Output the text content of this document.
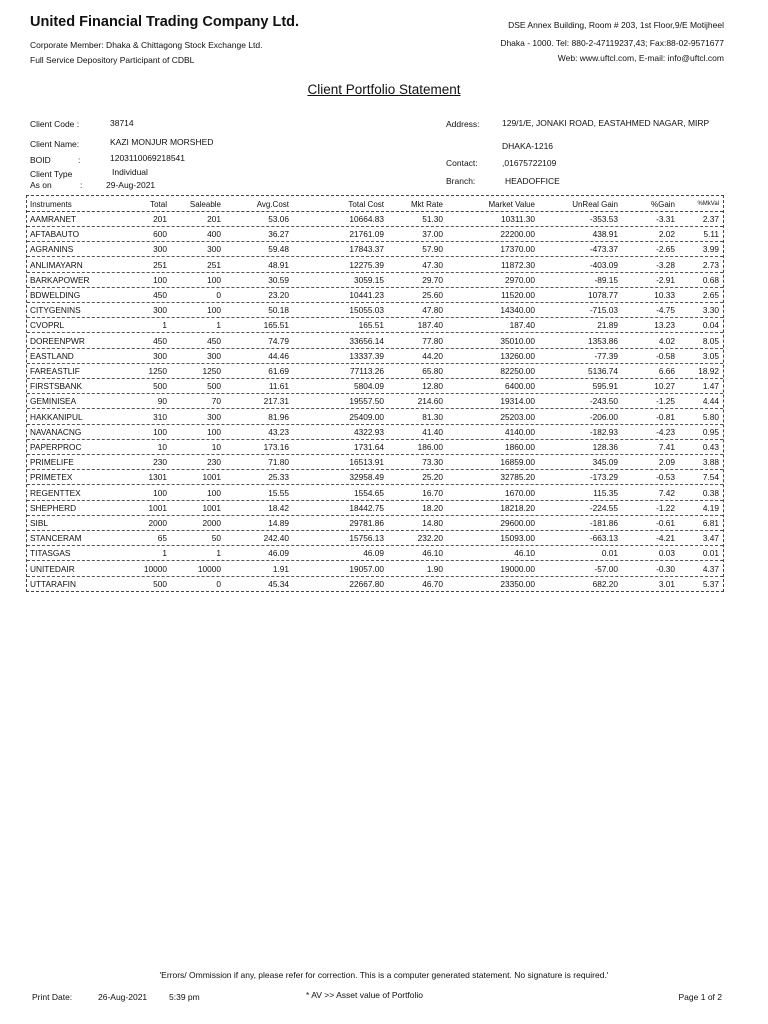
United Financial Trading Company Ltd.
Corporate Member: Dhaka & Chittagong Stock Exchange Ltd.
Full Service Depository Participant of CDBL
DSE Annex Building, Room # 203, 1st Floor,9/E Motijheel
Dhaka - 1000. Tel: 880-2-47119237,43; Fax:88-02-9571677
Web: www.uftcl.com, E-mail: info@uftcl.com
Client Portfolio Statement
Client Code :	38714
Client Name:	KAZI MONJUR MORSHED
BOID	:	1203110069218541
Client Type	Individual
As on	:	29-Aug-2021
Address:	129/1/E, JONAKI ROAD, EASTAHMED NAGAR, MIRP
DHAKA-1216
Contact:	,01675722109
Branch:	HEADOFFICE
Instruments	Total	Saleable	Avg.Cost	Total Cost	Mkt Rate	Market Value	UnReal Gain	%Gain	%MkVal
AAMRANET	201	201	53.06	10664.83	51.30	10311.30	-353.53	-3.31	2.37
AFTABAUTO	600	400	36.27	21761.09	37.00	22200.00	438.91	2.02	5.11
AGRANINS	300	300	59.48	17843.37	57.90	17370.00	-473.37	-2.65	3.99
ANLIMAYARN	251	251	48.91	12275.39	47.30	11872.30	-403.09	-3.28	2.73
BARKAPOWER	100	100	30.59	3059.15	29.70	2970.00	-89.15	-2.91	0.68
BDWELDING	450	0	23.20	10441.23	25.60	11520.00	1078.77	10.33	2.65
CITYGENINS	300	100	50.18	15055.03	47.80	14340.00	-715.03	-4.75	3.30
CVOPRL	1	1	165.51	165.51	187.40	187.40	21.89	13.23	0.04
DOREENPWR	450	450	74.79	33656.14	77.80	35010.00	1353.86	4.02	8.05
EASTLAND	300	300	44.46	13337.39	44.20	13260.00	-77.39	-0.58	3.05
FAREASTLIF	1250	1250	61.69	77113.26	65.80	82250.00	5136.74	6.66	18.92
FIRSTSBANK	500	500	11.61	5804.09	12.80	6400.00	595.91	10.27	1.47
GEMINISEA	90	70	217.31	19557.50	214.60	19314.00	-243.50	-1.25	4.44
HAKKANIPUL	310	300	81.96	25409.00	81.30	25203.00	-206.00	-0.81	5.80
NAVANACNG	100	100	43.23	4322.93	41.40	4140.00	-182.93	-4.23	0.95
PAPERPROC	10	10	173.16	1731.64	186.00	1860.00	128.36	7.41	0.43
PRIMELIFE	230	230	71.80	16513.91	73.30	16859.00	345.09	2.09	3.88
PRIMETEX	1301	1001	25.33	32958.49	25.20	32785.20	-173.29	-0.53	7.54
REGENTTEX	100	100	15.55	1554.65	16.70	1670.00	115.35	7.42	0.38
SHEPHERD	1001	1001	18.42	18442.75	18.20	18218.20	-224.55	-1.22	4.19
SIBL	2000	2000	14.89	29781.86	14.80	29600.00	-181.86	-0.61	6.81
STANCERAM	65	50	242.40	15756.13	232.20	15093.00	-663.13	-4.21	3.47
TITASGAS	1	1	46.09	46.09	46.10	46.10	0.01	0.03	0.01
UNITEDAIR	10000	10000	1.91	19057.00	1.90	19000.00	-57.00	-0.30	4.37
UTTARAFIN	500	0	45.34	22667.80	46.70	23350.00	682.20	3.01	5.37
'Errors/ Ommission if any, please refer for correction. This is a computer generated statement. No signature is required.'
Print Date:	26-Aug-2021	5:39 pm	* AV >> Asset value of Portfolio	Page 1 of 2
